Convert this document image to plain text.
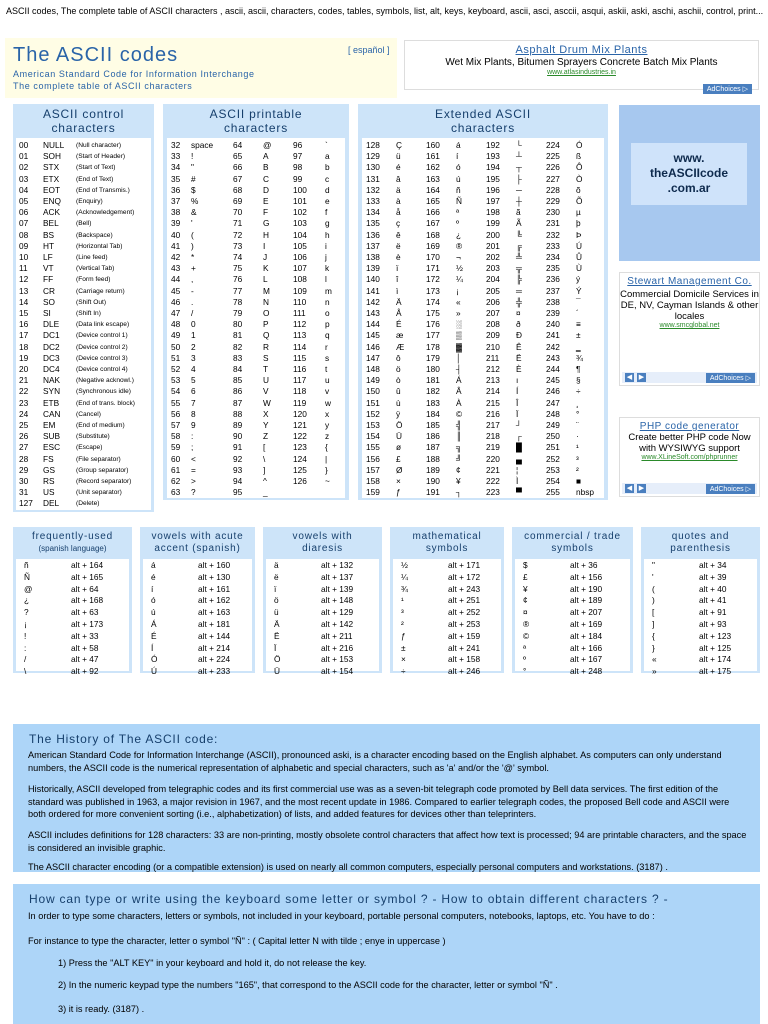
ASCII codes, The complete table of ASCII characters , ascii, ascii, characters, codes, tables, symbols, list, alt, keys, keyboard, ascii, asci, asccii, asqui, askii, aski, aschi, aschii, control, print...
The ASCII codes
American Standard Code for Information Interchange
The complete table of ASCII characters
[ español ]	Asphalt Drum Mix Plants
Wet Mix Plants, Bitumen Sprayers Concrete Batch Mix Plants
www.atlasindustries.in
AdChoices ▷
ASCII control
characters
00 NULL (Null character)
01 SOH (Start of Header)
02 STX	(Start of Text)
03 ETX	(End of Text)
04 EOT (End of Transmis.)
05 ENQ (Enquiry)
06 ACK (Acknowledgement)
07 BEL	(Bell)
08 BS	(Backspace)
09 HT	(Horizontal Tab)
10 LF	(Line feed)
11 VT	(Vertical Tab)
12 FF	(Form feed)
13 CR	(Carriage return)
14 SO	(Shift Out)
15 SI	(Shift In)
16 DLE	(Data link escape)
17 DC1 (Device control 1)
18 DC2 (Device control 2)
19 DC3 (Device control 3)
20 DC4 (Device control 4)
21 NAK (Negative acknowl.)
22 SYN (Synchronous idle)
23 ETB	(End of trans. block)
24 CAN (Cancel)
25 EM	(End of medium)
26 SUB (Substitute)
27 ESC (Escape)
28 FS	(File separator)
29 GS	(Group separator)
30 RS	(Record separator)
31 US	(Unit separator)
127 DEL	(Delete)
ASCII printable
characters
32 space 64	@	96	`
33 !	65	A	97	a
34 "	66	B	98	b
35 #	67	C	99	c
36 $	68	D	100 d
37 %	69	E	101 e
38 &	70	F	102 f
39 '	71	G	103 g
40 (	72	H	104 h
41 )	73	I	105 i
42 *	74	J	106 j
43 +	75	K	107 k
44 ,	76	L	108 l
45 -	77	M	109 m
46 .	78	N	110 n
47 /	79	O	111 o
48 0	80	P	112 p
49 1	81	Q	113 q
50 2	82	R	114 r
51 3	83	S	115 s
52 4	84	T	116 t
53 5	85	U	117 u
54 6	86	V	118 v
55 7	87	W	119 w
56 8	88	X	120 x
57 9	89	Y	121 y
58 :	90	Z	122 z
59 ;	91	[	123 {
60 <	92	\	124 |
61 =	93	]	125 }
62 >	94	^	126 ~
63 ?	95	_
Extended ASCII
characters
128 Ç	160 á	192 └	224 Ó
129 ü	161 í	193 ┴	225 ß
130 é	162 ó	194 ┬	226 Ô
131 â	163 ú	195 ├	227 Ò
132 ä	164 ñ	196 ─	228 õ
133 à	165 Ñ	197 ┼	229 Õ
134 å	166 ª	198 ã	230 µ
135 ç	167 º	199 Ã	231 þ
136 ê	168 ¿	200 ╚	232 Þ
137 ë	169 ®	201 ╔	233 Ú
138 è	170 ¬	202 ╩	234 Û
139 ï	171 ½	203 ╦	235 Ù
140 î	172 ¼	204 ╠	236 ý
141 ì	173 ¡	205 ═	237 Ý
142 Ä	174 «	206 ╬	238 ¯
143 Å	175 »	207 ¤	239 ´
144 É	176 ░	208 ð	240 ≡
145 æ	177 ▒	209 Ð	241 ±
146 Æ	178 ▓	210 Ê	242 ‗
147 ô	179 │	211 Ë	243 ¾
148 ö	180 ┤	212 È	244 ¶
149 ò	181 Á	213 ı	245 §
150 û	182 Â	214 Í	246 ÷
151 ù	183 À	215 Î	247 ¸
152 ÿ	184 ©	216 Ï	248 °
153 Ö	185 ╣	217 ┘	249 ¨
154 Ü	186 ║	218 ┌	250 ·
155 ø	187 ╗	219 █	251 ¹
156 £	188 ╝	220 ▄	252 ³
157 Ø	189 ¢	221 ¦	253 ²
158 ×	190 ¥	222 Ì	254 ■
159 ƒ	191 ┐	223 ▀	255 nbsp
www.
theASCIIcode
.com.ar
Stewart Management Co.
Commercial Domicile Services in DE, NV, Cayman Islands & other locales
www.smcglobal.net
◀ ▶	AdChoices ▷
PHP code generator
Create better PHP code Now with WYSIWYG support
www.XLineSoft.com/phprunner
◀ ▶	AdChoices ▷
frequently-used
(spanish language)
ñ	alt + 164
Ñ	alt + 165
@	alt + 64
¿	alt + 168
?	alt + 63
¡	alt + 173
!	alt + 33
:	alt + 58
/	alt + 47
\	alt + 92
vowels with acute
accent (spanish)
á	alt + 160
é	alt + 130
í	alt + 161
ó	alt + 162
ú	alt + 163
Á	alt + 181
É	alt + 144
Í	alt + 214
Ó	alt + 224
Ú	alt + 233
vowels with
diaresis
ä	alt + 132
ë	alt + 137
ï	alt + 139
ö	alt + 148
ü	alt + 129
Ä	alt + 142
Ë	alt + 211
Ï	alt + 216
Ö	alt + 153
Ü	alt + 154
mathematical
symbols
½	alt + 171
¼	alt + 172
¾	alt + 243
¹	alt + 251
³	alt + 252
²	alt + 253
ƒ	alt + 159
±	alt + 241
×	alt + 158
÷	alt + 246
commercial / trade
symbols
$	alt + 36
£	alt + 156
¥	alt + 190
¢	alt + 189
¤	alt + 207
®	alt + 169
©	alt + 184
ª	alt + 166
º	alt + 167
°	alt + 248
quotes and
parenthesis
"	alt + 34
'	alt + 39
(	alt + 40
)	alt + 41
[	alt + 91
]	alt + 93
{	alt + 123
}	alt + 125
«	alt + 174
»	alt + 175
The History of The ASCII code:

American Standard Code for Information Interchange (ASCII), pronounced aski, is a character encoding based on the English alphabet. As computers can only understand numbers, the ASCII code is the numerical representation of alphabetic and special characters, such as 'a' and/or the '@' symbol.

Historically, ASCII developed from telegraphic codes and its first commercial use was as a seven-bit telegraph code promoted by Bell data services. The first edition of the standard was published in 1963, a major revision in 1967, and the most recent update in 1986. Compared to earlier telegraph codes, the proposed Bell code and ASCII were both ordered for more convenient sorting (i.e., alphabetization) of lists, and added features for devices other than teleprinters.

ASCII includes definitions for 128 characters: 33 are non-printing, mostly obsolete control characters that affect how text is processed; 94 are printable characters, and the space is considered an invisible graphic.

The ASCII character encoding (or a compatible extension) is used on nearly all common computers, especially personal computers and workstations. (3187) .

How can type or write using the keyboard some letter or symbol ? - How to obtain different characters ? -

In order to type some characters, letters or symbols, not included in your keyboard, portable personal computers, notebooks, laptops, etc. You have to do :

For instance to type the character, letter o symbol "Ñ" : ( Capital letter N with tilde ; enye in uppercase )

1) Press the "ALT KEY" in your keyboard and hold it, do not release the key.

2) In the numeric keypad type the numbers "165", that correspond to the ASCII code for the character, letter or symbol "Ñ" .

3) it is ready. (3187) .
